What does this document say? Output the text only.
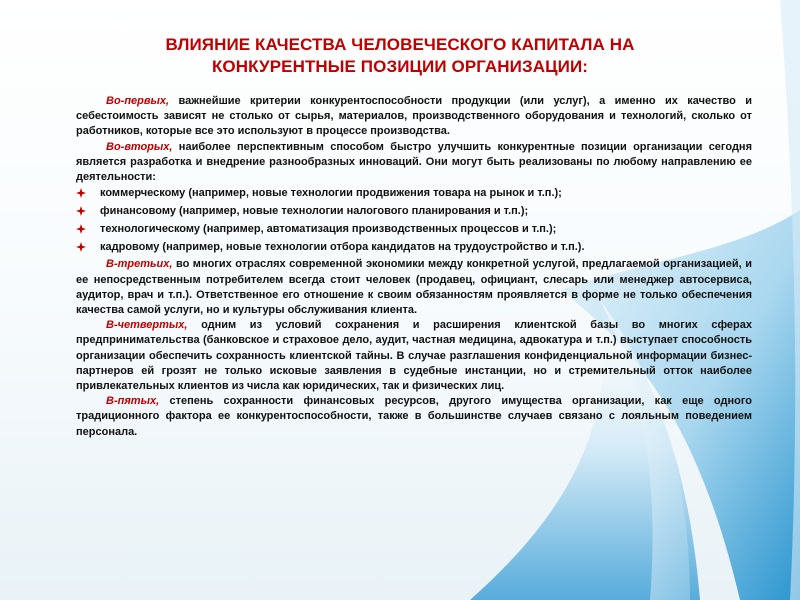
ВЛИЯНИЕ КАЧЕСТВА ЧЕЛОВЕЧЕСКОГО КАПИТАЛА НА
КОНКУРЕНТНЫЕ ПОЗИЦИИ ОРГАНИЗАЦИИ:

Во-первых, важнейшие критерии конкурентоспособности продукции (или услуг), а именно их качество и себестоимость зависят не столько от сырья, материалов, производственного оборудования и технологий, сколько от работников, которые все это используют в процессе производства.

Во-вторых, наиболее перспективным способом быстро улучшить конкурентные позиции организации сегодня является разработка и внедрение разнообразных инноваций. Они могут быть реализованы по любому направлению ее деятельности:

коммерческому (например, новые технологии продвижения товара на рынок и т.п.);
финансовому (например, новые технологии налогового планирования и т.п.);
технологическому (например, автоматизация производственных процессов и т.п.);
кадровому (например, новые технологии отбора кандидатов на трудоустройство и т.п.).

В-третьих, во многих отраслях современной экономики между конкретной услугой, предлагаемой организацией, и ее непосредственным потребителем всегда стоит человек (продавец, официант, слесарь или менеджер автосервиса, аудитор, врач и т.п.). Ответственное его отношение к своим обязанностям проявляется в форме не только обеспечения качества самой услуги, но и культуры обслуживания клиента.

В-четвертых, одним из условий сохранения и расширения клиентской базы во многих сферах предпринимательства (банковское и страховое дело, аудит, частная медицина, адвокатура и т.п.) выступает способность организации обеспечить сохранность клиентской тайны. В случае разглашения конфиденциальной информации бизнес-партнеров ей грозят не только исковые заявления в судебные инстанции, но и стремительный отток наиболее привлекательных клиентов из числа как юридических, так и физических лиц.

В-пятых, степень сохранности финансовых ресурсов, другого имущества организации, как еще одного традиционного фактора ее конкурентоспособности, также в большинстве случаев связано с лояльным поведением персонала.
